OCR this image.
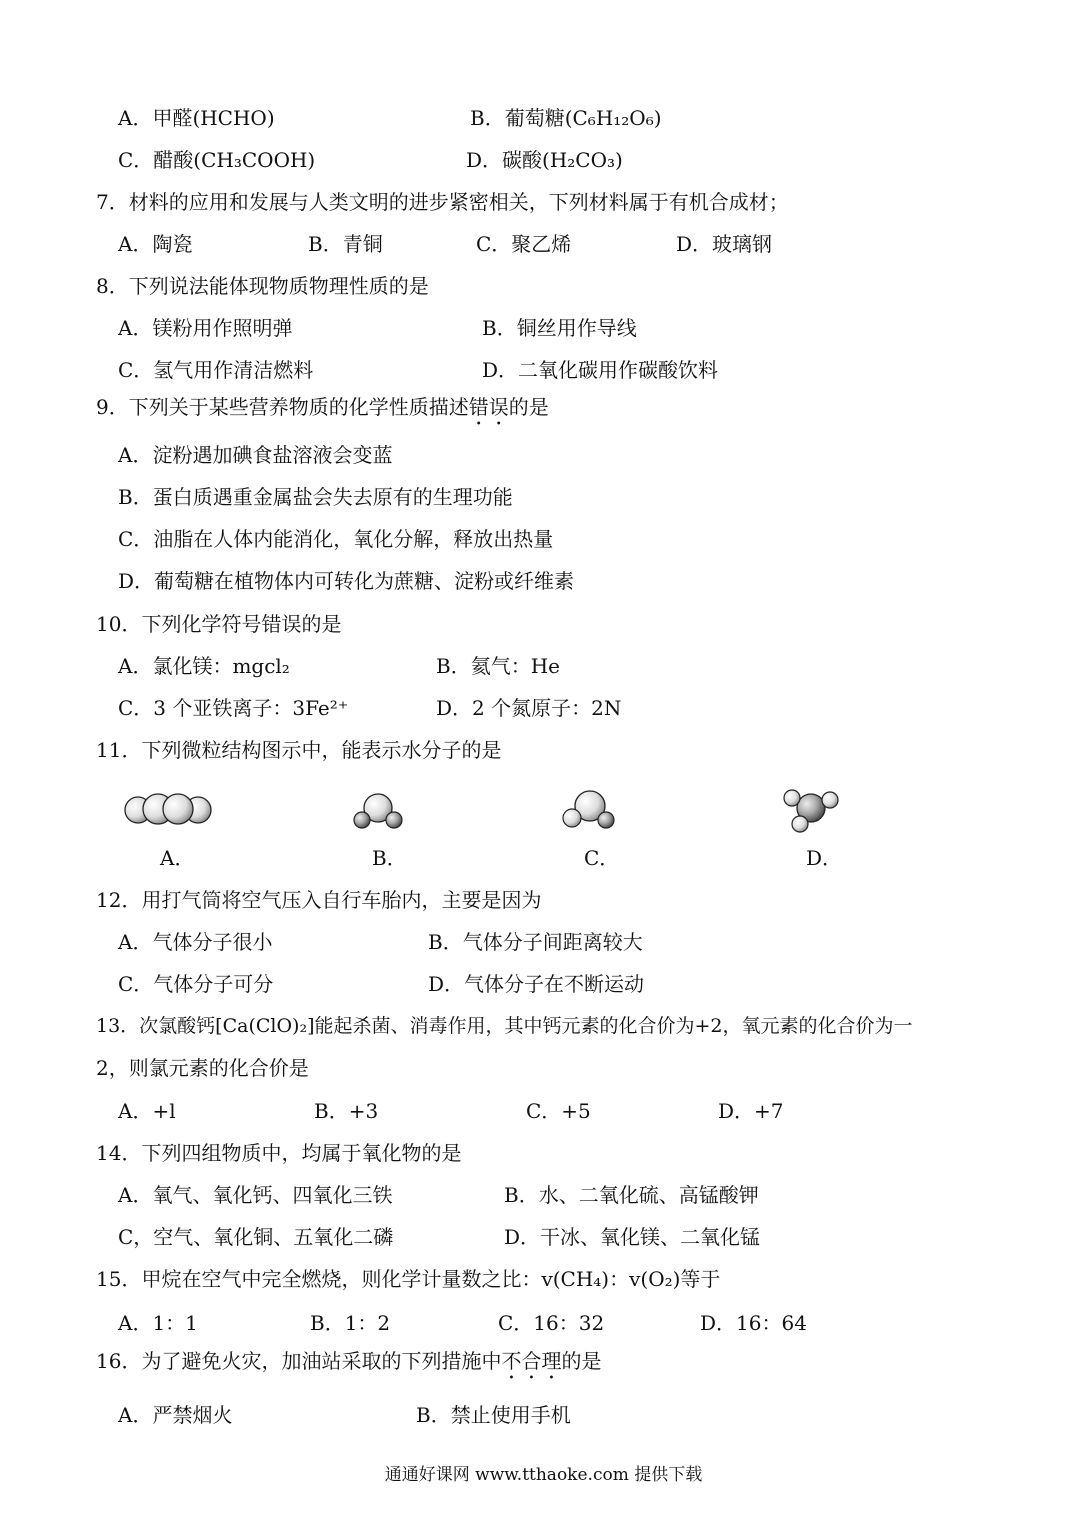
A．甲醛(HCHO)	B．葡萄糖(C₆H₁₂O₆)
C．醋酸(CH₃COOH)	D．碳酸(H₂CO₃)
7．材料的应用和发展与人类文明的进步紧密相关，下列材料属于有机合成材；
A．陶瓷	B．青铜	C．聚乙烯	D．玻璃钢
8．下列说法能体现物质物理性质的是
A．镁粉用作照明弹	B．铜丝用作导线
C．氢气用作清洁燃料	D．二氧化碳用作碳酸饮料
9．下列关于某些营养物质的化学性质描述错误的是
A．淀粉遇加碘食盐溶液会变蓝
B．蛋白质遇重金属盐会失去原有的生理功能
C．油脂在人体内能消化，氧化分解，释放出热量
D．葡萄糖在植物体内可转化为蔗糖、淀粉或纤维素
10．下列化学符号错误的是
A．氯化镁：mgcl₂	B．氦气：He
C．3 个亚铁离子：3Fe²⁺	D．2 个氮原子：2N
11．下列微粒结构图示中，能表示水分子的是
A．	B．	C．	D．
12．用打气筒将空气压入自行车胎内，主要是因为
A．气体分子很小	B．气体分子间距离较大
C．气体分子可分	D．气体分子在不断运动
13．次氯酸钙[Ca(ClO)₂]能起杀菌、消毒作用，其中钙元素的化合价为+2，氧元素的化合价为一
2，则氯元素的化合价是
A．+l	B．+3	C．+5	D．+7
14．下列四组物质中，均属于氧化物的是
A．氧气、氧化钙、四氧化三铁	B．水、二氧化硫、高锰酸钾
C，空气、氧化铜、五氧化二磷	D．干冰、氧化镁、二氧化锰
15．甲烷在空气中完全燃烧，则化学计量数之比：v(CH₄)：v(O₂)等于
A．1：1	B．1：2	C．16：32	D．16：64
16．为了避免火灾，加油站采取的下列措施中不合理的是
A．严禁烟火	B．禁止使用手机
通通好课网 www.tthaoke.com 提供下载
